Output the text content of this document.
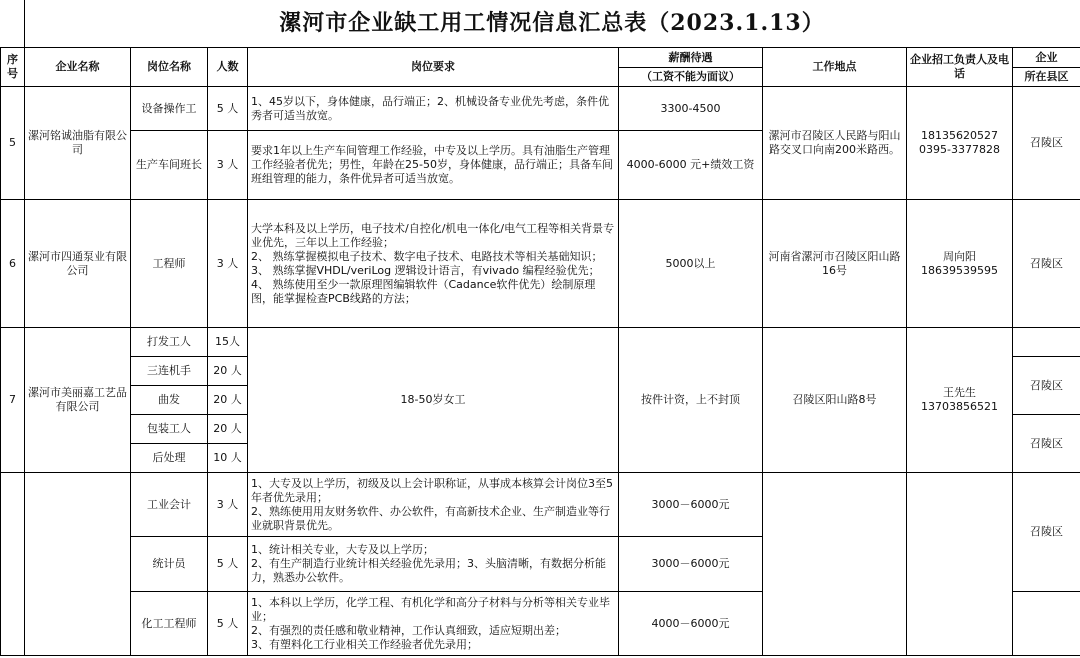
漯河市企业缺工用工情况信息汇总表（2023.1.13）
序号	企业名称	岗位名称	人数	岗位要求	薪酬待遇	工作地点	企业招工负责人及电话	企业
					（工资不能为面议）			所在县区
5	漯河铭诚油脂有限公司	设备操作工	5 人	1、45岁以下，身体健康，品行端正；2、机械设备专业优先考虑，条件优秀者可适当放宽。	3300-4500	漯河市召陵区人民路与阳山路交叉口向南200米路西。	18135620527
0395-3377828	召陵区
		生产车间班长	3 人	要求1年以上生产车间管理工作经验，中专及以上学历。具有油脂生产管理工作经验者优先；男性，年龄在25-50岁，身体健康，品行端正；具备车间班组管理的能力，条件优异者可适当放宽。	4000-6000 元+绩效工资			
6	漯河市四通泵业有限公司	工程师	3 人	大学本科及以上学历，电子技术/自控化/机电一体化/电气工程等相关背景专业优先，三年以上工作经验；
2、 熟练掌握模拟电子技术、数字电子技术、电路技术等相关基础知识；
3、 熟练掌握VHDL/veriLog 逻辑设计语言，有vivado 编程经验优先；
4、 熟练使用至少一款原理图编辑软件（Cadance软件优先）绘制原理图，能掌握检查PCB线路的方法；	5000以上	河南省漯河市召陵区阳山路16号	周向阳
18639539595	召陵区
7	漯河市美丽嘉工艺品有限公司	打发工人	15人	18-50岁女工	按件计资，上不封顶	召陵区阳山路8号	王先生
13703856521	
		三连机手	20 人					召陵区
		曲发	20 人					
		包装工人	20 人					召陵区
		后处理	10 人					
		工业会计	3 人	1、大专及以上学历，初级及以上会计职称证，从事成本核算会计岗位3至5年者优先录用；
2、熟练使用用友财务软件、办公软件，有高新技术企业、生产制造业等行业就职背景优先。	3000－6000元			召陵区
		统计员	5 人	1、统计相关专业，大专及以上学历；
2、有生产制造行业统计相关经验优先录用；3、头脑清晰，有数据分析能力，熟悉办公软件。	3000－6000元			
		化工工程师	5 人	1、本科以上学历，化学工程、有机化学和高分子材料与分析等相关专业毕业；
2、有强烈的责任感和敬业精神，工作认真细致，适应短期出差；
3、有塑料化工行业相关工作经验者优先录用；	4000－6000元			
